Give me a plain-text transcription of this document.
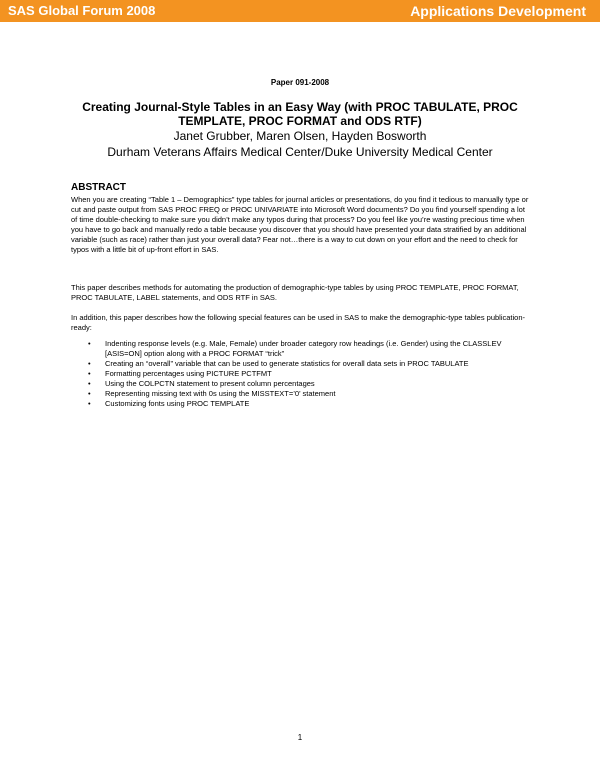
SAS Global Forum 2008	Applications Development
Paper 091-2008
Creating Journal-Style Tables in an Easy Way (with PROC TABULATE, PROC TEMPLATE, PROC FORMAT and ODS RTF)
Janet Grubber, Maren Olsen, Hayden Bosworth
Durham Veterans Affairs Medical Center/Duke University Medical Center
ABSTRACT
When you are creating “Table 1 – Demographics” type tables for journal articles or presentations, do you find it tedious to manually type or cut and paste output from SAS PROC FREQ or PROC UNIVARIATE into Microsoft Word documents? Do you find yourself spending a lot of time double-checking to make sure you didn’t make any typos during that process? Do you feel like you’re wasting precious time when you have to go back and manually redo a table because you discover that you should have presented your data stratified by an additional variable (such as race) rather than just your overall data? Fear not…there is a way to cut down on your effort and the need to check for typos with a little bit of up-front effort in SAS.
This paper describes methods for automating the production of demographic-type tables by using PROC TEMPLATE, PROC FORMAT, PROC TABULATE, LABEL statements, and ODS RTF in SAS.
In addition, this paper describes how the following special features can be used in SAS to make the demographic-type tables publication-ready:
• Indenting response levels (e.g. Male, Female) under broader category row headings (i.e. Gender) using the CLASSLEV [ASIS=ON] option along with a PROC FORMAT “trick”
• Creating an “overall” variable that can be used to generate statistics for overall data sets in PROC TABULATE
• Formatting percentages using PICTURE PCTFMT
• Using the COLPCTN statement to present column percentages
• Representing missing text with 0s using the MISSTEXT=’0’ statement
• Customizing fonts using PROC TEMPLATE
1
